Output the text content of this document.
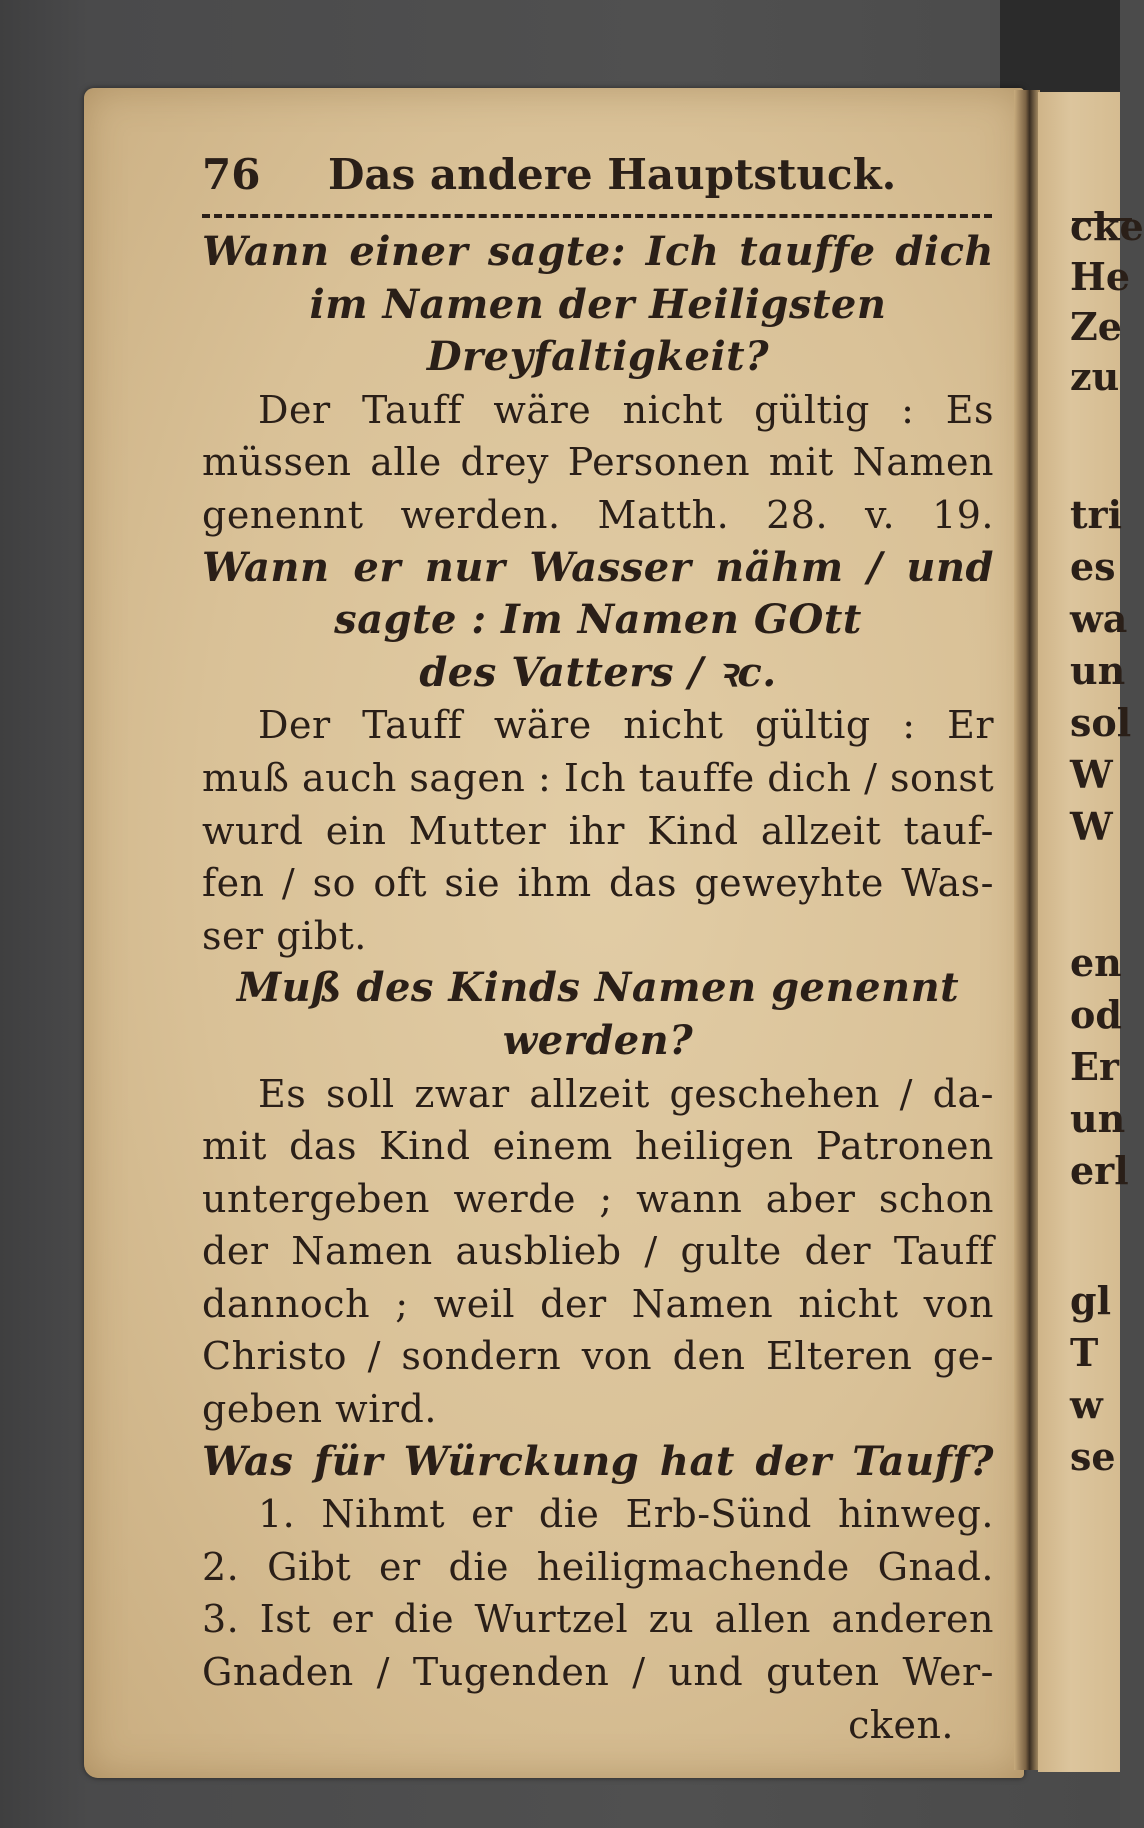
cke
He
Ze
zu
tri
es
wa
un
sol
W
W
en
od
Er
un
erl
gl
T
w
se
76 Das andere Hauptstuck.
Wann einer sagte: Ich tauffe dich
im Namen der Heiligsten
Dreyfaltigkeit?
Der Tauff wäre nicht gültig : Es
müssen alle drey Personen mit Namen
genennt werden. Matth. 28. v. 19.
Wann er nur Wasser nähm / und
sagte : Im Namen GOtt
des Vatters / ꝛc.
Der Tauff wäre nicht gültig : Er
muß auch sagen : Ich tauffe dich / sonst
wurd ein Mutter ihr Kind allzeit tauf-
fen / so oft sie ihm das geweyhte Was-
ser gibt.
Muß des Kinds Namen genennt
werden?
Es soll zwar allzeit geschehen / da-
mit das Kind einem heiligen Patronen
untergeben werde ; wann aber schon
der Namen ausblieb / gulte der Tauff
dannoch ; weil der Namen nicht von
Christo / sondern von den Elteren ge-
geben wird.
Was für Würckung hat der Tauff?
1. Nihmt er die Erb-Sünd hinweg.
2. Gibt er die heiligmachende Gnad.
3. Ist er die Wurtzel zu allen anderen
Gnaden / Tugenden / und guten Wer-
cken.
